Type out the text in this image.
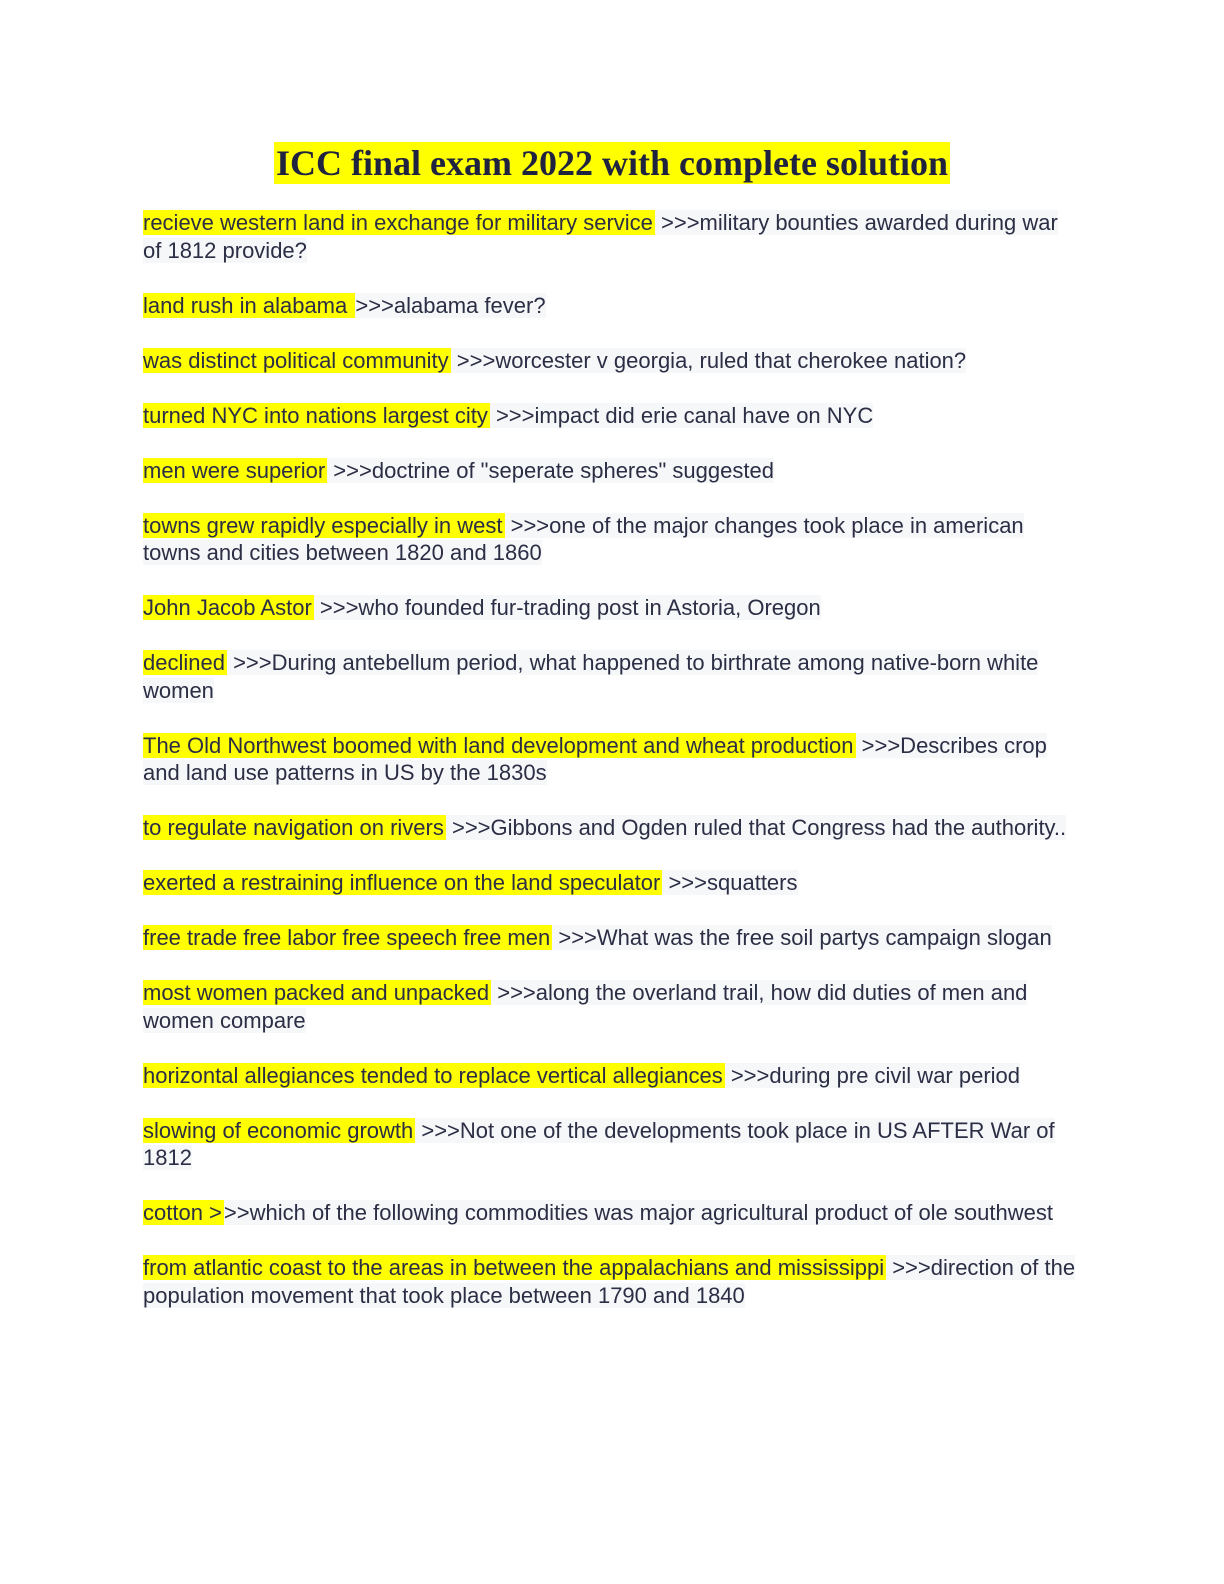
ICC final exam 2022 with complete solution
recieve western land in exchange for military service >>>military bounties awarded during war of 1812 provide?
land rush in alabama >>>alabama fever?
was distinct political community >>>worcester v georgia, ruled that cherokee nation?
turned NYC into nations largest city >>>impact did erie canal have on NYC
men were superior >>>doctrine of "seperate spheres" suggested
towns grew rapidly especially in west >>>one of the major changes took place in american towns and cities between 1820 and 1860
John Jacob Astor >>>who founded fur-trading post in Astoria, Oregon
declined >>>During antebellum period, what happened to birthrate among native-born white women
The Old Northwest boomed with land development and wheat production >>>Describes crop and land use patterns in US by the 1830s
to regulate navigation on rivers >>>Gibbons and Ogden ruled that Congress had the authority..
exerted a restraining influence on the land speculator >>>squatters
free trade free labor free speech free men >>>What was the free soil partys campaign slogan
most women packed and unpacked >>>along the overland trail, how did duties of men and women compare
horizontal allegiances tended to replace vertical allegiances >>>during pre civil war period
slowing of economic growth >>>Not one of the developments took place in US AFTER War of 1812
cotton >>>which of the following commodities was major agricultural product of ole southwest
from atlantic coast to the areas in between the appalachians and mississippi >>>direction of the population movement that took place between 1790 and 1840
